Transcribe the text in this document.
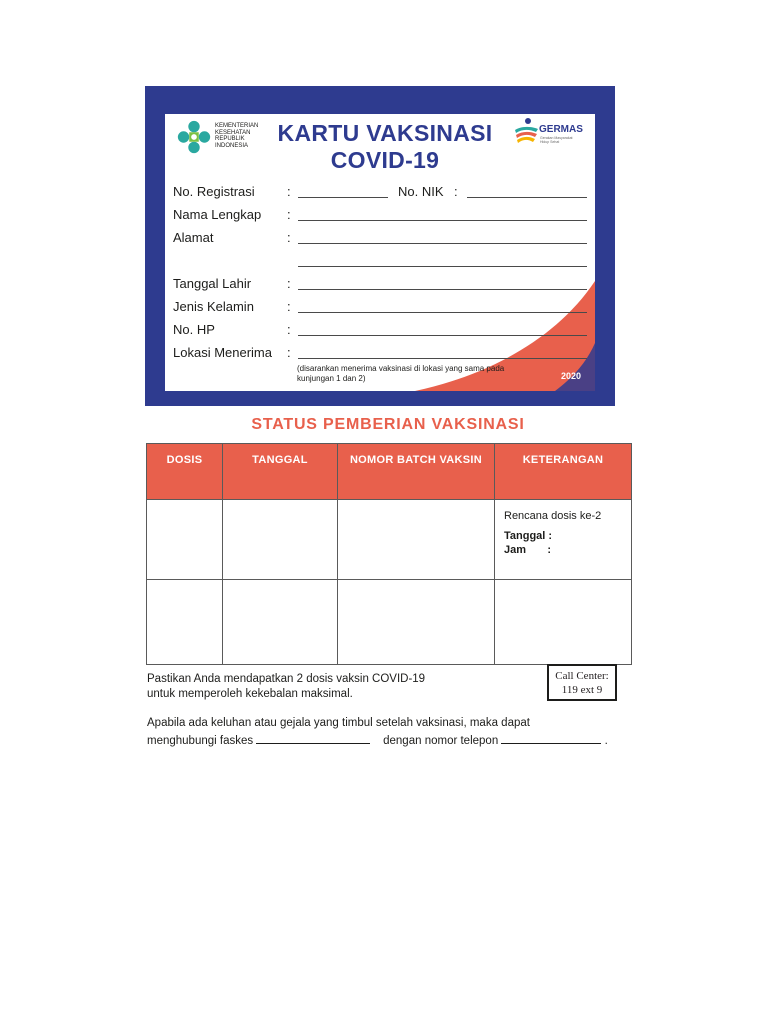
2020
KEMENTERIAN
KESEHATAN
REPUBLIK
INDONESIA	KARTU VAKSINASI
COVID-19
GERMAS
Gerakan Masyarakat Hidup Sehat
No. Registrasi :	No. NIK :
Nama Lengkap :
Alamat	:
Tanggal Lahir	:
Jenis Kelamin	:
No. HP	:
Lokasi Menerima :
(disarankan menerima vaksinasi di lokasi yang sama pada kunjungan 1 dan 2)
STATUS PEMBERIAN VAKSINASI
DOSIS	TANGGAL	NOMOR BATCH VAKSIN	KETERANGAN

			Rencana dosis ke-2
Tanggal :
Jam       :

Pastikan Anda mendapatkan 2 dosis vaksin COVID-19
untuk memperoleh kekebalan maksimal.
Call Center:
119 ext 9
Apabila ada keluhan atau gejala yang timbul setelah vaksinasi, maka dapat
menghubungi faskes	dengan nomor telepon	.
